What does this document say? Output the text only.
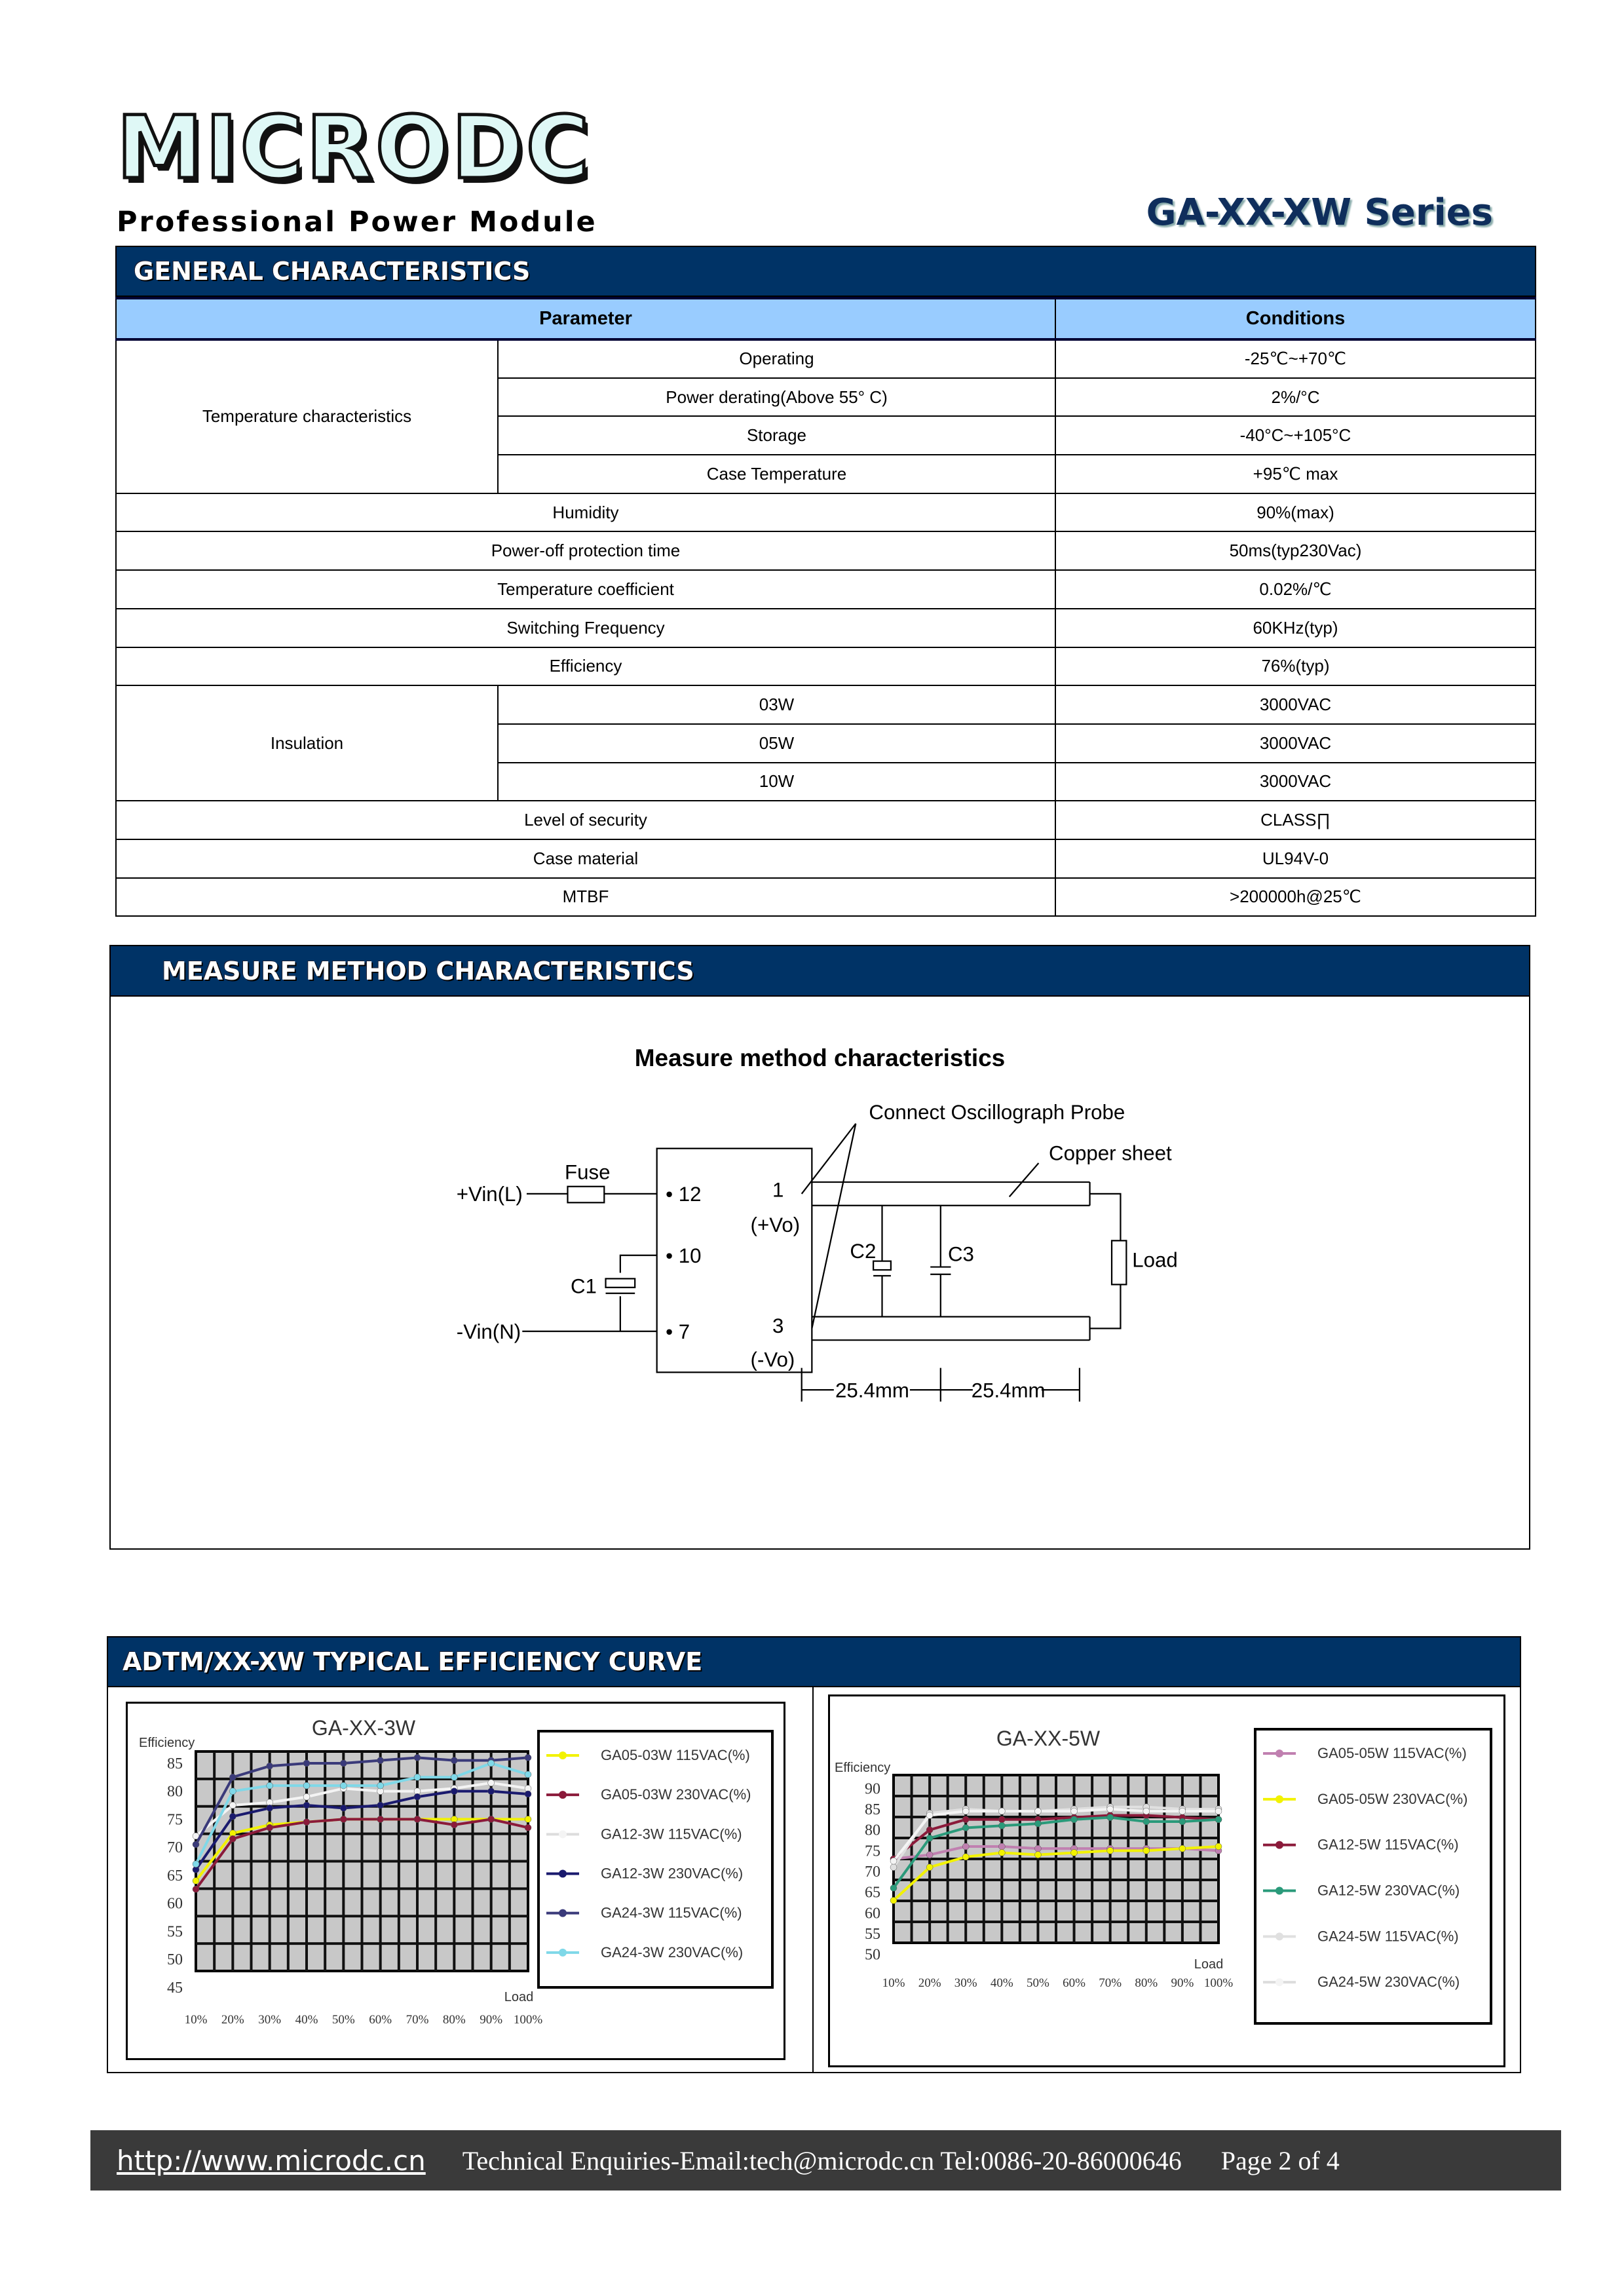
MICRODC
Professional Power Module	GA-XX-XW Series
GENERAL CHARACTERISTICS
Parameter		Conditions
Temperature characteristics	Operating	-25℃~+70℃
	Power derating(Above 55° C)	2%/°C
	Storage	-40°C~+105°C
	Case Temperature	+95℃ max
Humidity		90%(max)
Power-off protection time		50ms(typ230Vac)
Temperature coefficient		0.02%/℃
Switching Frequency		60KHz(typ)
Efficiency		76%(typ)
Insulation	03W	3000VAC
	05W	3000VAC
	10W	3000VAC
Level of security		CLASS∏
Case material		UL94V-0
MTBF		>200000h@25℃
MEASURE METHOD CHARACTERISTICS
Measure method characteristics
Connect Oscillograph Probe
Copper sheet
Fuse
+Vin(L)
-Vin(N)
C1
C2	C3	Load
• 12
• 10
• 7
1
(+Vo)
3
(-Vo)
25.4mm	25.4mm
ADTM/XX-XW TYPICAL EFFICIENCY CURVE
GA-XX-3W
Efficiency
Load
85
80
75
70
65
60
55
50
45
10% 20% 30% 40% 50% 60% 70% 80% 90% 100%
GA05-03W 115VAC(%)
GA05-03W 230VAC(%)
GA12-3W 115VAC(%)
GA12-3W 230VAC(%)
GA24-3W 115VAC(%)
GA24-3W 230VAC(%)
GA-XX-5W
Efficiency
Load
90
85
80
75
70
65
60
55
50
10% 20% 30% 40% 50% 60% 70% 80% 90% 100%
GA05-05W 115VAC(%)
GA05-05W 230VAC(%)
GA12-5W 115VAC(%)
GA12-5W 230VAC(%)
GA24-5W 115VAC(%)
GA24-5W 230VAC(%)
http://www.microdc.cn Technical Enquiries-Email:tech@microdc.cn Tel:0086-20-86000646 Page 2 of 4
